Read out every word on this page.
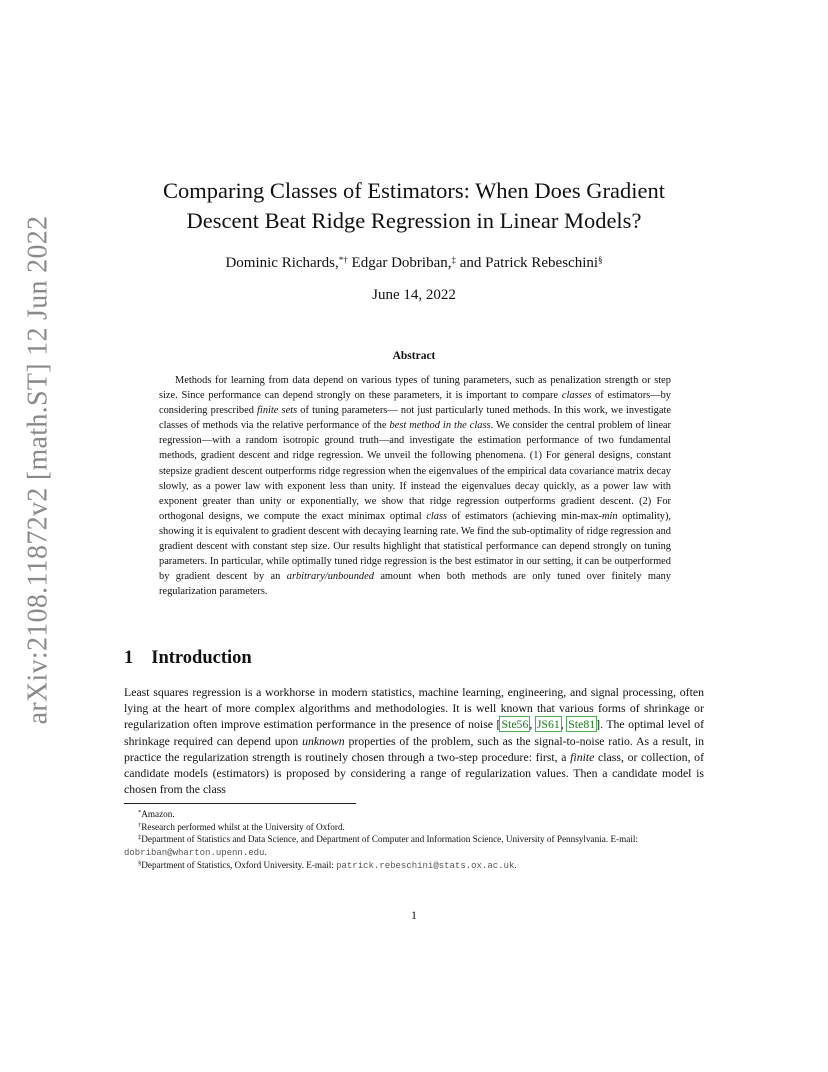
arXiv:2108.11872v2 [math.ST] 12 Jun 2022
Comparing Classes of Estimators: When Does Gradient
Descent Beat Ridge Regression in Linear Models?
Dominic Richards,*† Edgar Dobriban,‡ and Patrick Rebeschini§
June 14, 2022
Abstract

Methods for learning from data depend on various types of tuning parameters, such as penalization strength or step size. Since performance can depend strongly on these parameters, it is important to compare classes of estimators—by considering prescribed finite sets of tuning parameters— not just particularly tuned methods. In this work, we investigate classes of methods via the relative performance of the best method in the class. We consider the central problem of linear regression—with a random isotropic ground truth—and investigate the estimation performance of two fundamental methods, gradient descent and ridge regression. We unveil the following phenomena. (1) For general designs, constant stepsize gradient descent outperforms ridge regression when the eigenvalues of the empirical data covariance matrix decay slowly, as a power law with exponent less than unity. If instead the eigenvalues decay quickly, as a power law with exponent greater than unity or exponentially, we show that ridge regression outperforms gradient descent. (2) For orthogonal designs, we compute the exact minimax optimal class of estimators (achieving min-max-min optimality), showing it is equivalent to gradient descent with decaying learning rate. We find the sub-optimality of ridge regression and gradient descent with constant step size. Our results highlight that statistical performance can depend strongly on tuning parameters. In particular, while optimally tuned ridge regression is the best estimator in our setting, it can be outperformed by gradient descent by an arbitrary/unbounded amount when both methods are only tuned over finitely many regularization parameters.

1 Introduction

Least squares regression is a workhorse in modern statistics, machine learning, engineering, and signal processing, often lying at the heart of more complex algorithms and methodologies. It is well known that various forms of shrinkage or regularization often improve estimation performance in the presence of noise [Ste56, JS61, Ste81]. The optimal level of shrinkage required can depend upon unknown properties of the problem, such as the signal-to-noise ratio. As a result, in practice the regularization strength is routinely chosen through a two-step procedure: first, a finite class, or collection, of candidate models (estimators) is proposed by considering a range of regularization values. Then a candidate model is chosen from the class

*Amazon.

†Research performed whilst at the University of Oxford.

‡Department of Statistics and Data Science, and Department of Computer and Information Science, University of Pennsylvania. E-mail: dobriban@wharton.upenn.edu.

§Department of Statistics, Oxford University. E-mail: patrick.rebeschini@stats.ox.ac.uk.

1
